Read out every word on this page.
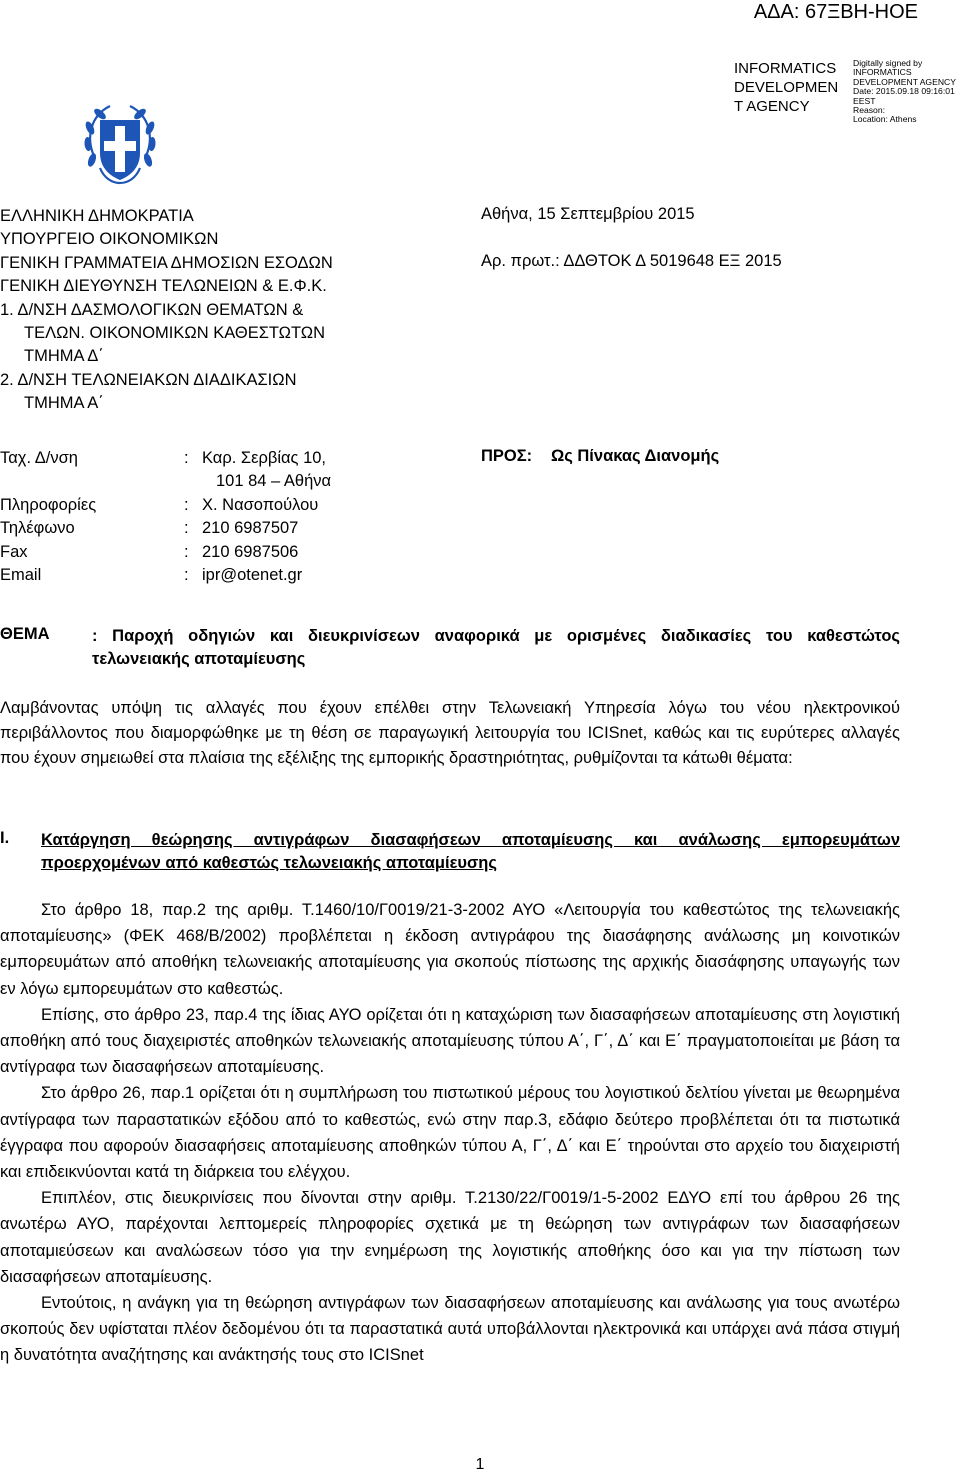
ΑΔΑ: 67ΞΒΗ-ΗΟΕ
INFORMATICS
DEVELOPMEN
T AGENCY
Digitally signed by
INFORMATICS
DEVELOPMENT AGENCY
Date: 2015.09.18 09:16:01
EEST
Reason:
Location: Athens
ΕΛΛΗΝΙΚΗ ΔΗΜΟΚΡΑΤΙΑ
ΥΠΟΥΡΓΕΙΟ ΟΙΚΟΝΟΜΙΚΩΝ
ΓΕΝΙΚΗ ΓΡΑΜΜΑΤΕΙΑ ΔΗΜΟΣΙΩΝ ΕΣΟΔΩΝ
ΓΕΝΙΚΗ ΔΙΕΥΘΥΝΣΗ ΤΕΛΩΝΕΙΩΝ & Ε.Φ.Κ.
1. Δ/ΝΣΗ ΔΑΣΜΟΛΟΓΙΚΩΝ ΘΕΜΑΤΩΝ &
ΤΕΛΩΝ. ΟΙΚΟΝΟΜΙΚΩΝ ΚΑΘΕΣΤΩΤΩΝ
ΤΜΗΜΑ Δ΄
2. Δ/ΝΣΗ ΤΕΛΩΝΕΙΑΚΩΝ ΔΙΑΔΙΚΑΣΙΩΝ
ΤΜΗΜΑ Α΄
Αθήνα, 15 Σεπτεμβρίου 2015
Αρ. πρωτ.: ΔΔΘΤΟΚ Δ 5019648 ΕΞ 2015
Ταχ. Δ/νση	: Καρ. Σερβίας 10,
101 84 – Αθήνα
Πληροφορίες	: Χ. Νασοπούλου
Τηλέφωνο	: 210 6987507
Fax	: 210 6987506
Email	: ipr@otenet.gr
ΠΡΟΣ: Ως Πίνακας Διανομής
ΘΕΜΑ	: Παροχή οδηγιών και διευκρινίσεων αναφορικά με ορισμένες διαδικασίες του καθεστώτος τελωνειακής αποταμίευσης
Λαμβάνοντας υπόψη τις αλλαγές που έχουν επέλθει στην Τελωνειακή Υπηρεσία λόγω του νέου ηλεκτρονικού περιβάλλοντος που διαμορφώθηκε με τη θέση σε παραγωγική λειτουργία του ICISnet, καθώς και τις ευρύτερες αλλαγές που έχουν σημειωθεί στα πλαίσια της εξέλιξης της εμπορικής δραστηριότητας, ρυθμίζονται τα κάτωθι θέματα:
I. Κατάργηση θεώρησης αντιγράφων διασαφήσεων αποταμίευσης και ανάλωσης εμπορευμάτων προερχομένων από καθεστώς τελωνειακής αποταμίευσης

Στο άρθρο 18, παρ.2 της αριθμ. Τ.1460/10/Γ0019/21-3-2002 ΑΥΟ «Λειτουργία του καθεστώτος της τελωνειακής αποταμίευσης» (ΦΕΚ 468/Β/2002) προβλέπεται η έκδοση αντιγράφου της διασάφησης ανάλωσης μη κοινοτικών εμπορευμάτων από αποθήκη τελωνειακής αποταμίευσης για σκοπούς πίστωσης της αρχικής διασάφησης υπαγωγής των εν λόγω εμπορευμάτων στο καθεστώς.

Επίσης, στο άρθρο 23, παρ.4 της ίδιας ΑΥΟ ορίζεται ότι η καταχώριση των διασαφήσεων αποταμίευσης στη λογιστική αποθήκη από τους διαχειριστές αποθηκών τελωνειακής αποταμίευσης τύπου Α΄, Γ΄, Δ΄ και Ε΄ πραγματοποιείται με βάση τα αντίγραφα των διασαφήσεων αποταμίευσης.

Στο άρθρο 26, παρ.1 ορίζεται ότι η συμπλήρωση του πιστωτικού μέρους του λογιστικού δελτίου γίνεται με θεωρημένα αντίγραφα των παραστατικών εξόδου από το καθεστώς, ενώ στην παρ.3, εδάφιο δεύτερο προβλέπεται ότι τα πιστωτικά έγγραφα που αφορούν διασαφήσεις αποταμίευσης αποθηκών τύπου Α, Γ΄, Δ΄ και Ε΄ τηρούνται στο αρχείο του διαχειριστή και επιδεικνύονται κατά τη διάρκεια του ελέγχου.

Επιπλέον, στις διευκρινίσεις που δίνονται στην αριθμ. Τ.2130/22/Γ0019/1-5-2002 ΕΔΥΟ επί του άρθρου 26 της ανωτέρω ΑΥΟ, παρέχονται λεπτομερείς πληροφορίες σχετικά με τη θεώρηση των αντιγράφων των διασαφήσεων αποταμιεύσεων και αναλώσεων τόσο για την ενημέρωση της λογιστικής αποθήκης όσο και για την πίστωση των διασαφήσεων αποταμίευσης.

Εντούτοις, η ανάγκη για τη θεώρηση αντιγράφων των διασαφήσεων αποταμίευσης και ανάλωσης για τους ανωτέρω σκοπούς δεν υφίσταται πλέον δεδομένου ότι τα παραστατικά αυτά υποβάλλονται ηλεκτρονικά και υπάρχει ανά πάσα στιγμή η δυνατότητα αναζήτησης και ανάκτησής τους στο ICISnet

1
